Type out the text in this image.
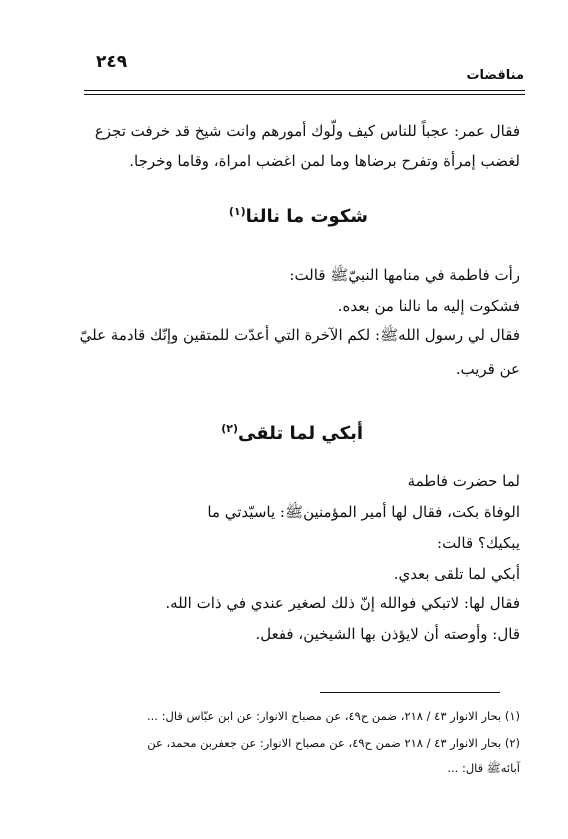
٢٤٩
مناقضات
فقال عمر: عجباً للناس كيف ولّوك أمورهم وانت شيخ قد خرفت تجزع
لغضب إمرأة وتفرح برضاها وما لمن اغضب امراة، وقاما وخرجا.
شكوت ما نالنا$^{(١)}$
رأت فاطمة في منامها النبيّﷺ قالت:
فشكوت إليه ما نالنا من بعده.
فقال لي رسول اللهﷺ: لكم الآخرة التي أعدّت للمتقين وإنّك قادمة عليّ
عن قريب.
أبكي لما تلقى$^{(٢)}$
لما حضرت فاطمة
الوفاة بكت، فقال لها أمير المؤمنينﷺ: ياسيّدتي ما
يبكيك؟ قالت:
أبكي لما تلقى بعدي.
فقال لها: لاتبكي فوالله إنّ ذلك لصغير عندي في ذات الله.
قال: وأوصته أن لايؤذن بها الشيخين، ففعل.
(١) بحار الانوار ٤٣ / ٢١٨، ضمن ح٤٩، عن مصباح الانوار: عن ابن عبّاس قال: ...
(٢) بحار الانوار ٤٣ / ٢١٨ ضمن ح٤٩، عن مصباح الانوار: عن جعفربن محمد، عن
آبائهﷺ قال: ...
